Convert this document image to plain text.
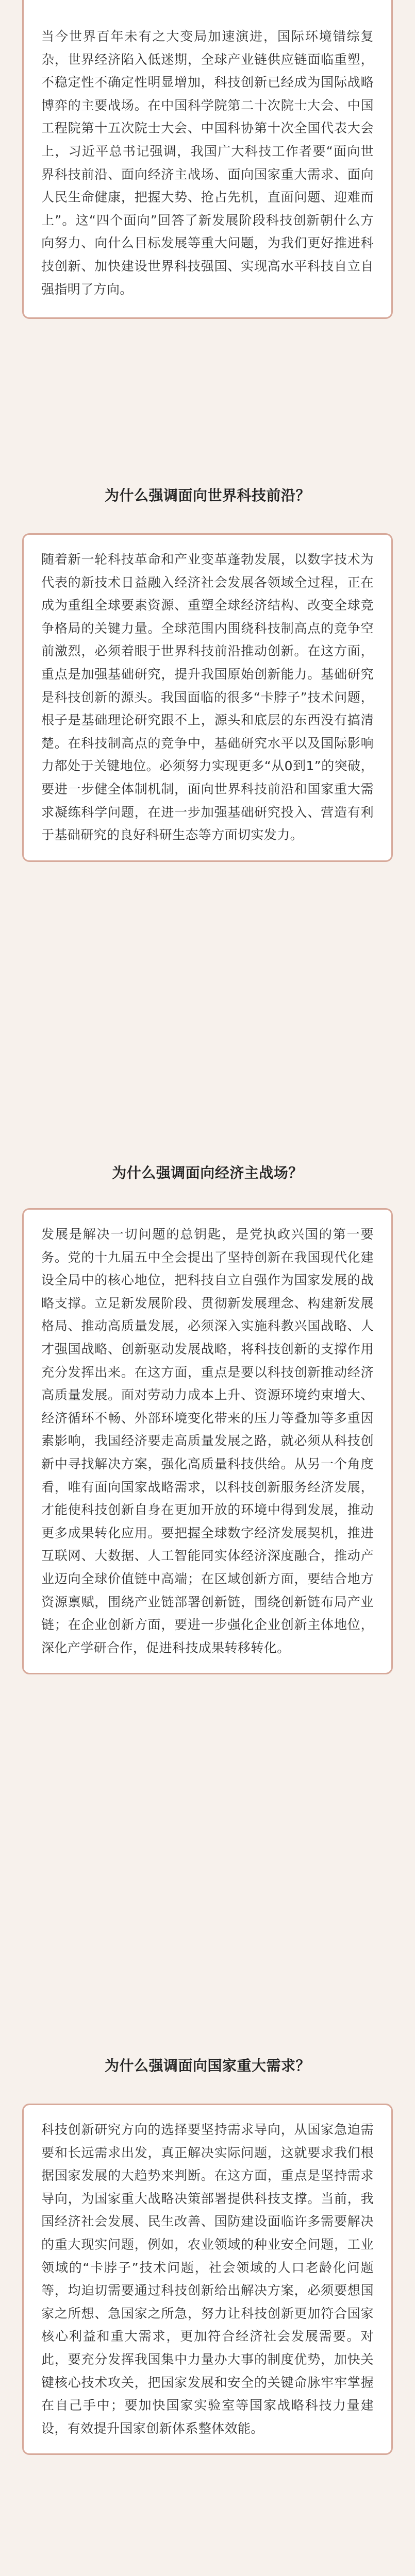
当今世界百年未有之大变局加速演进，国际环境错综复杂，世界经济陷入低迷期，全球产业链供应链面临重塑，不稳定性不确定性明显增加，科技创新已经成为国际战略博弈的主要战场。在中国科学院第二十次院士大会、中国工程院第十五次院士大会、中国科协第十次全国代表大会上，习近平总书记强调，我国广大科技工作者要“面向世界科技前沿、面向经济主战场、面向国家重大需求、面向人民生命健康，把握大势、抢占先机，直面问题、迎难而上”。这“四个面向”回答了新发展阶段科技创新朝什么方向努力、向什么目标发展等重大问题，为我们更好推进科技创新、加快建设世界科技强国、实现高水平科技自立自强指明了方向。

为什么强调面向世界科技前沿？

随着新一轮科技革命和产业变革蓬勃发展，以数字技术为代表的新技术日益融入经济社会发展各领域全过程，正在成为重组全球要素资源、重塑全球经济结构、改变全球竞争格局的关键力量。全球范围内围绕科技制高点的竞争空前激烈，必须着眼于世界科技前沿推动创新。在这方面，重点是加强基础研究，提升我国原始创新能力。基础研究是科技创新的源头。我国面临的很多“卡脖子”技术问题，根子是基础理论研究跟不上，源头和底层的东西没有搞清楚。在科技制高点的竞争中，基础研究水平以及国际影响力都处于关键地位。必须努力实现更多“从0到1”的突破，要进一步健全体制机制，面向世界科技前沿和国家重大需求凝练科学问题，在进一步加强基础研究投入、营造有利于基础研究的良好科研生态等方面切实发力。

为什么强调面向经济主战场？

发展是解决一切问题的总钥匙，是党执政兴国的第一要务。党的十九届五中全会提出了坚持创新在我国现代化建设全局中的核心地位，把科技自立自强作为国家发展的战略支撑。立足新发展阶段、贯彻新发展理念、构建新发展格局、推动高质量发展，必须深入实施科教兴国战略、人才强国战略、创新驱动发展战略，将科技创新的支撑作用充分发挥出来。在这方面，重点是要以科技创新推动经济高质量发展。面对劳动力成本上升、资源环境约束增大、经济循环不畅、外部环境变化带来的压力等叠加等多重因素影响，我国经济要走高质量发展之路，就必须从科技创新中寻找解决方案，强化高质量科技供给。从另一个角度看，唯有面向国家战略需求，以科技创新服务经济发展，才能使科技创新自身在更加开放的环境中得到发展，推动更多成果转化应用。要把握全球数字经济发展契机，推进互联网、大数据、人工智能同实体经济深度融合，推动产业迈向全球价值链中高端；在区域创新方面，要结合地方资源禀赋，围绕产业链部署创新链，围绕创新链布局产业链；在企业创新方面，要进一步强化企业创新主体地位，深化产学研合作，促进科技成果转移转化。

为什么强调面向国家重大需求？

科技创新研究方向的选择要坚持需求导向，从国家急迫需要和长远需求出发，真正解决实际问题，这就要求我们根据国家发展的大趋势来判断。在这方面，重点是坚持需求导向，为国家重大战略决策部署提供科技支撑。当前，我国经济社会发展、民生改善、国防建设面临许多需要解决的重大现实问题，例如，农业领域的种业安全问题，工业领域的“卡脖子”技术问题，社会领域的人口老龄化问题等，均迫切需要通过科技创新给出解决方案，必须要想国家之所想、急国家之所急，努力让科技创新更加符合国家核心利益和重大需求，更加符合经济社会发展需要。对此，要充分发挥我国集中力量办大事的制度优势，加快关键核心技术攻关，把国家发展和安全的关键命脉牢牢掌握在自己手中；要加快国家实验室等国家战略科技力量建设，有效提升国家创新体系整体效能。
